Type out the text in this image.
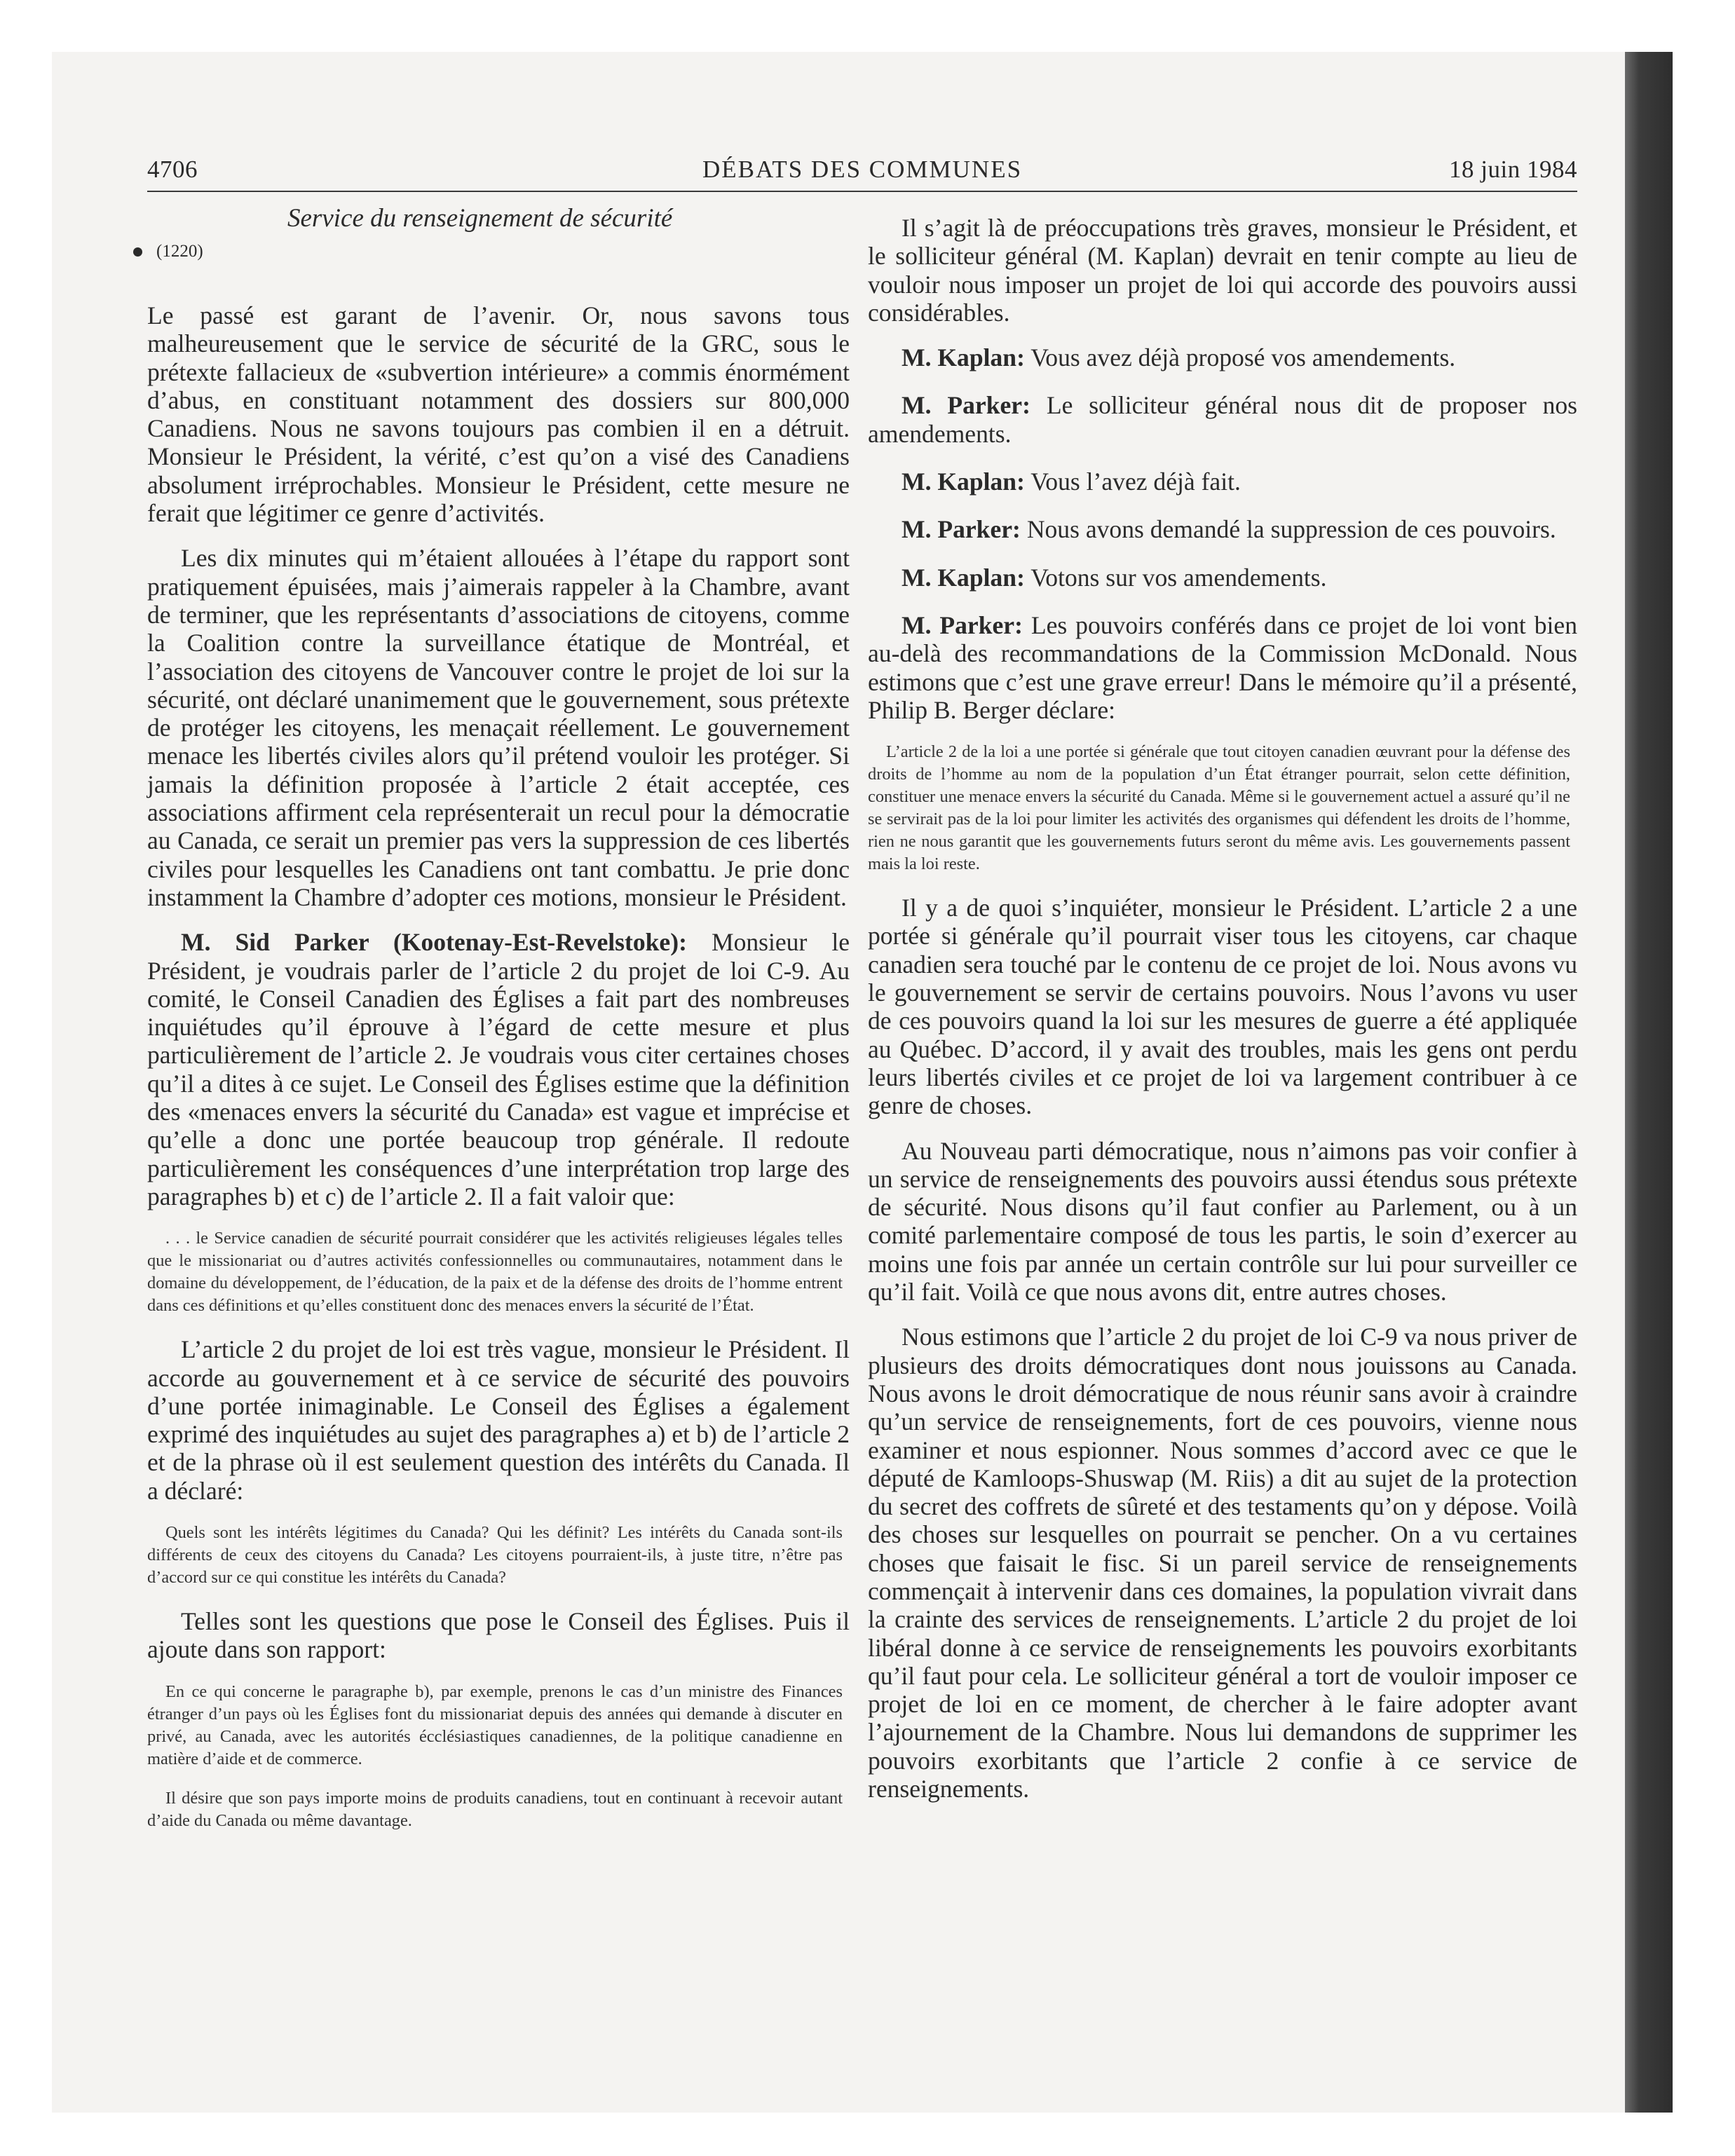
4706	DÉBATS DES COMMUNES	18 juin 1984
Service du renseignement de sécurité
(1220)

Le passé est garant de l’avenir. Or, nous savons tous malheureusement que le service de sécurité de la GRC, sous le prétexte fallacieux de «subvertion intérieure» a commis énormément d’abus, en constituant notamment des dossiers sur 800,000 Canadiens. Nous ne savons toujours pas combien il en a détruit. Monsieur le Président, la vérité, c’est qu’on a visé des Canadiens absolument irréprochables. Monsieur le Président, cette mesure ne ferait que légitimer ce genre d’activités.

Les dix minutes qui m’étaient allouées à l’étape du rapport sont pratiquement épuisées, mais j’aimerais rappeler à la Chambre, avant de terminer, que les représentants d’associations de citoyens, comme la Coalition contre la surveillance étatique de Montréal, et l’association des citoyens de Vancouver contre le projet de loi sur la sécurité, ont déclaré unanimement que le gouvernement, sous prétexte de protéger les citoyens, les menaçait réellement. Le gouvernement menace les libertés civiles alors qu’il prétend vouloir les protéger. Si jamais la définition proposée à l’article 2 était acceptée, ces associations affirment cela représenterait un recul pour la démocratie au Canada, ce serait un premier pas vers la suppression de ces libertés civiles pour lesquelles les Canadiens ont tant combattu. Je prie donc instamment la Chambre d’adopter ces motions, monsieur le Président.

M. Sid Parker (Kootenay-Est-Revelstoke): Monsieur le Président, je voudrais parler de l’article 2 du projet de loi C-9. Au comité, le Conseil Canadien des Églises a fait part des nombreuses inquiétudes qu’il éprouve à l’égard de cette mesure et plus particulièrement de l’article 2. Je voudrais vous citer certaines choses qu’il a dites à ce sujet. Le Conseil des Églises estime que la définition des «menaces envers la sécurité du Canada» est vague et imprécise et qu’elle a donc une portée beaucoup trop générale. Il redoute particulièrement les conséquences d’une interprétation trop large des paragraphes b) et c) de l’article 2. Il a fait valoir que:

. . . le Service canadien de sécurité pourrait considérer que les activités religieuses légales telles que le missionariat ou d’autres activités confessionnelles ou communautaires, notamment dans le domaine du développement, de l’éducation, de la paix et de la défense des droits de l’homme entrent dans ces définitions et qu’elles constituent donc des menaces envers la sécurité de l’État.

L’article 2 du projet de loi est très vague, monsieur le Président. Il accorde au gouvernement et à ce service de sécurité des pouvoirs d’une portée inimaginable. Le Conseil des Églises a également exprimé des inquiétudes au sujet des paragraphes a) et b) de l’article 2 et de la phrase où il est seulement question des intérêts du Canada. Il a déclaré:

Quels sont les intérêts légitimes du Canada? Qui les définit? Les intérêts du Canada sont-ils différents de ceux des citoyens du Canada? Les citoyens pourraient-ils, à juste titre, n’être pas d’accord sur ce qui constitue les intérêts du Canada?

Telles sont les questions que pose le Conseil des Églises. Puis il ajoute dans son rapport:

En ce qui concerne le paragraphe b), par exemple, prenons le cas d’un ministre des Finances étranger d’un pays où les Églises font du missionariat depuis des années qui demande à discuter en privé, au Canada, avec les autorités écclésiastiques canadiennes, de la politique canadienne en matière d’aide et de commerce.

Il désire que son pays importe moins de produits canadiens, tout en continuant à recevoir autant d’aide du Canada ou même davantage.

Il s’agit là de préoccupations très graves, monsieur le Président, et le solliciteur général (M. Kaplan) devrait en tenir compte au lieu de vouloir nous imposer un projet de loi qui accorde des pouvoirs aussi considérables.

M. Kaplan: Vous avez déjà proposé vos amendements.

M. Parker: Le solliciteur général nous dit de proposer nos amendements.

M. Kaplan: Vous l’avez déjà fait.

M. Parker: Nous avons demandé la suppression de ces pouvoirs.

M. Kaplan: Votons sur vos amendements.

M. Parker: Les pouvoirs conférés dans ce projet de loi vont bien au-delà des recommandations de la Commission McDonald. Nous estimons que c’est une grave erreur! Dans le mémoire qu’il a présenté, Philip B. Berger déclare:

L’article 2 de la loi a une portée si générale que tout citoyen canadien œuvrant pour la défense des droits de l’homme au nom de la population d’un État étranger pourrait, selon cette définition, constituer une menace envers la sécurité du Canada. Même si le gouvernement actuel a assuré qu’il ne se servirait pas de la loi pour limiter les activités des organismes qui défendent les droits de l’homme, rien ne nous garantit que les gouvernements futurs seront du même avis. Les gouvernements passent mais la loi reste.

Il y a de quoi s’inquiéter, monsieur le Président. L’article 2 a une portée si générale qu’il pourrait viser tous les citoyens, car chaque canadien sera touché par le contenu de ce projet de loi. Nous avons vu le gouvernement se servir de certains pouvoirs. Nous l’avons vu user de ces pouvoirs quand la loi sur les mesures de guerre a été appliquée au Québec. D’accord, il y avait des troubles, mais les gens ont perdu leurs libertés civiles et ce projet de loi va largement contribuer à ce genre de choses.

Au Nouveau parti démocratique, nous n’aimons pas voir confier à un service de renseignements des pouvoirs aussi étendus sous prétexte de sécurité. Nous disons qu’il faut confier au Parlement, ou à un comité parlementaire composé de tous les partis, le soin d’exercer au moins une fois par année un certain contrôle sur lui pour surveiller ce qu’il fait. Voilà ce que nous avons dit, entre autres choses.

Nous estimons que l’article 2 du projet de loi C-9 va nous priver de plusieurs des droits démocratiques dont nous jouissons au Canada. Nous avons le droit démocratique de nous réunir sans avoir à craindre qu’un service de renseignements, fort de ces pouvoirs, vienne nous examiner et nous espionner. Nous sommes d’accord avec ce que le député de Kamloops-Shuswap (M. Riis) a dit au sujet de la protection du secret des coffrets de sûreté et des testaments qu’on y dépose. Voilà des choses sur lesquelles on pourrait se pencher. On a vu certaines choses que faisait le fisc. Si un pareil service de renseignements commençait à intervenir dans ces domaines, la population vivrait dans la crainte des services de renseignements. L’article 2 du projet de loi libéral donne à ce service de renseignements les pouvoirs exorbitants qu’il faut pour cela. Le solliciteur général a tort de vouloir imposer ce projet de loi en ce moment, de chercher à le faire adopter avant l’ajournement de la Chambre. Nous lui demandons de supprimer les pouvoirs exorbitants que l’article 2 confie à ce service de renseignements.
